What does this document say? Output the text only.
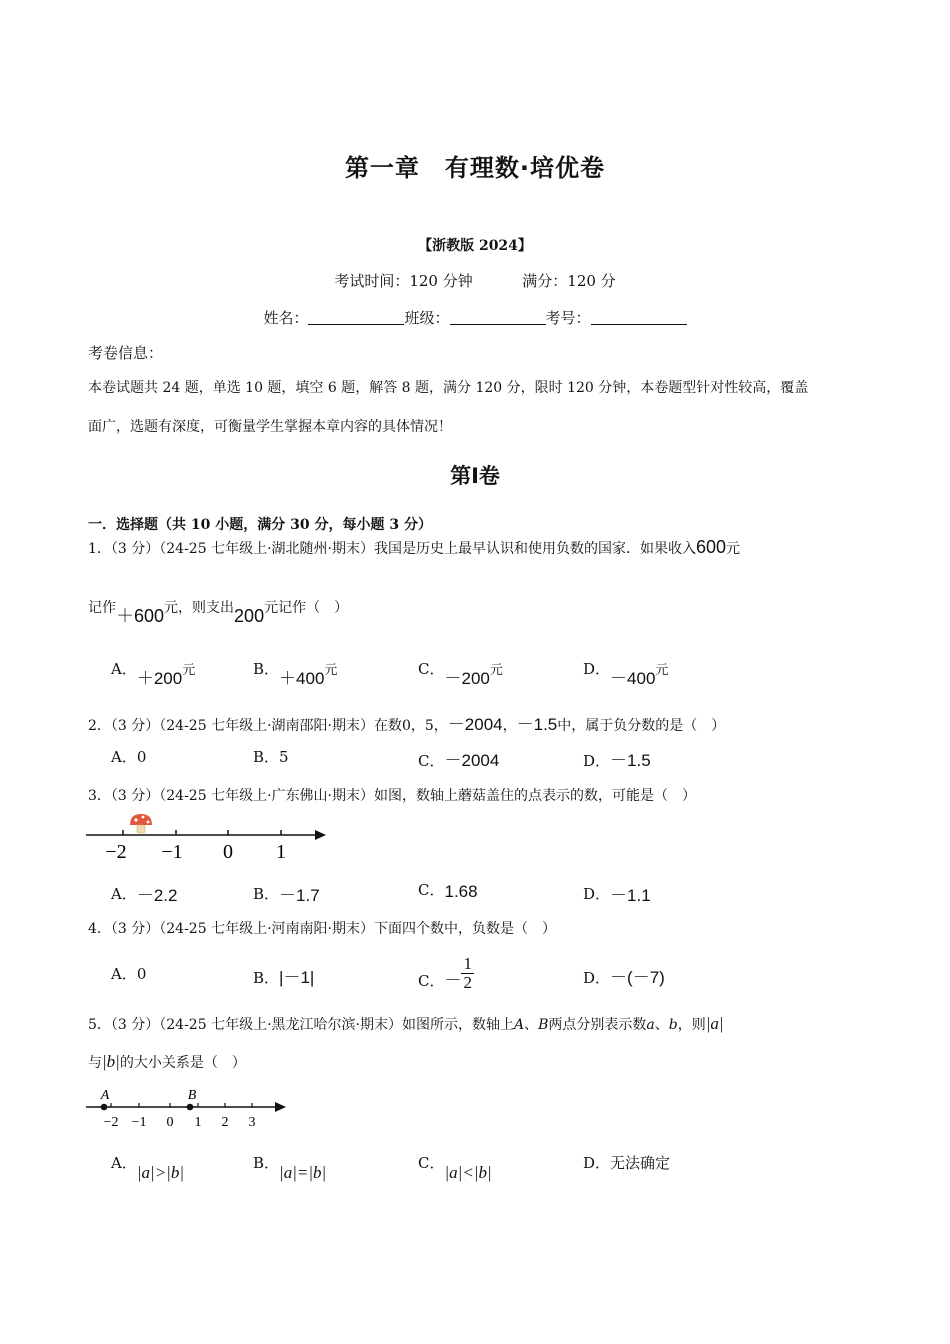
第一章　有理数·培优卷
【浙教版 2024】
考试时间：120 分钟	满分：120 分
姓名：	班级：	考号：
考卷信息：
本卷试题共 24 题，单选 10 题，填空 6 题，解答 8 题，满分 120 分，限时 120 分钟，本卷题型针对性较高，覆盖
面广，选题有深度，可衡量学生掌握本章内容的具体情况！
第Ⅰ卷
一．选择题（共 10 小题，满分 30 分，每小题 3 分）
1．（3 分）（24-25 七年级上·湖北随州·期末）我国是历史上最早认识和使用负数的国家．如果收入600元
记作＋600元，则支出200元记作（　）
A．＋200元	B．＋400元	C．－200元	D．－400元
2．（3 分）（24-25 七年级上·湖南邵阳·期末）在数0，5，－2004，－1.5中，属于负分数的是（　）
A．0	B．5	C．－2004	D．－1.5
3．（3 分）（24-25 七年级上·广东佛山·期末）如图，数轴上蘑菇盖住的点表示的数，可能是（　）
−2 −1 0 1
A．－2.2	B．－1.7	C．1.68	D．－1.1
4．（3 分）（24-25 七年级上·河南南阳·期末）下面四个数中，负数是（　）
A．0	B．|－1|	C．－ $\frac{1}{2}$	D．－(－7)
5．（3 分）（24-25 七年级上·黑龙江哈尔滨·期末）如图所示，数轴上A、B两点分别表示数a、b，则|a|
与|b|的大小关系是（　）
A	B
−2 −1 0 1 2 3
A．|a|>|b|	B．|a|=|b|	C．|a|<|b|	D．无法确定
